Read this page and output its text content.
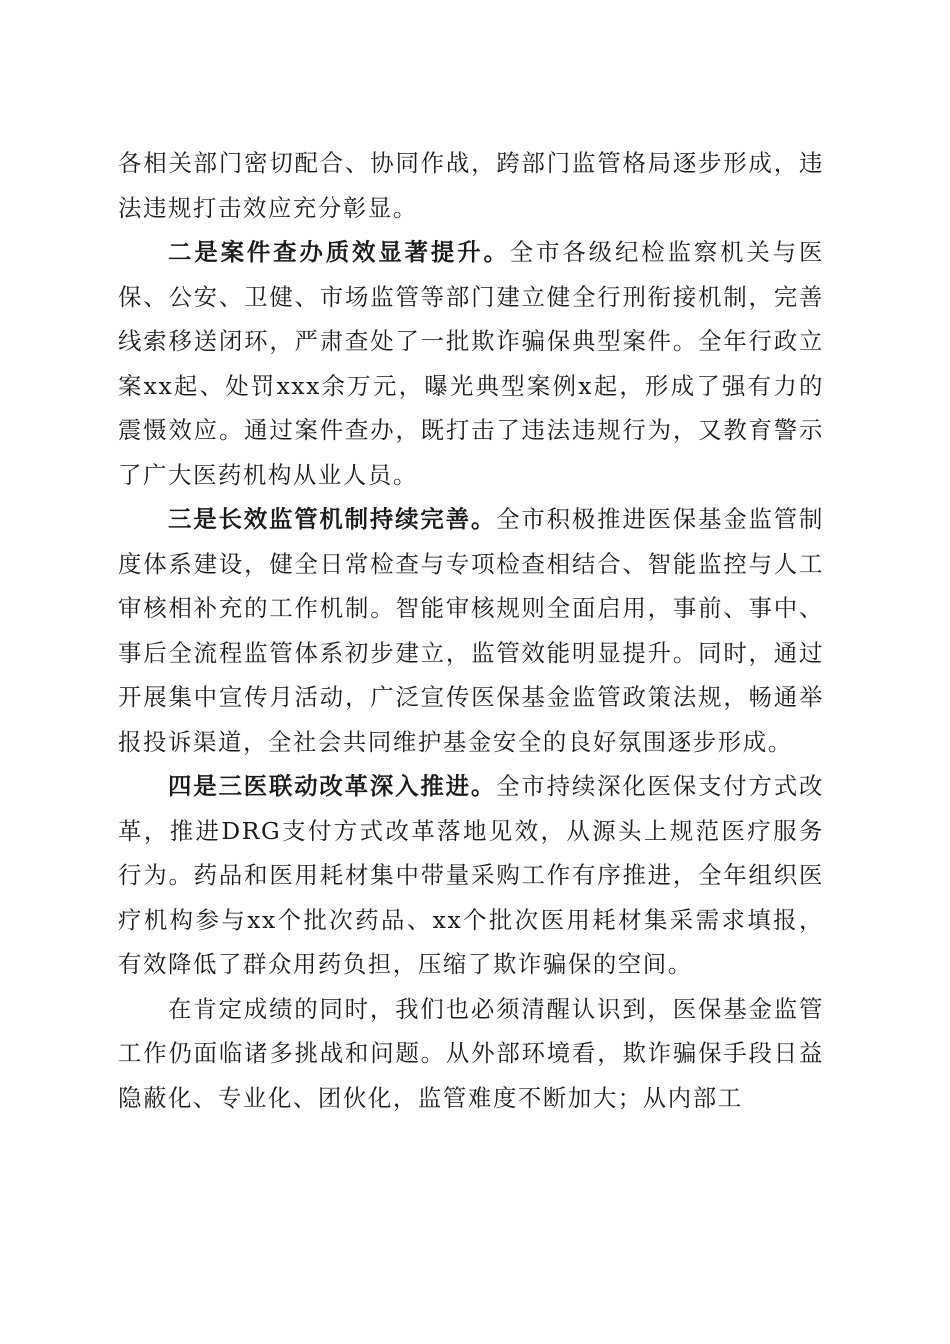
各相关部门密切配合、协同作战，跨部门监管格局逐步形成，违法违规打击效应充分彰显。

二是案件查办质效显著提升。全市各级纪检监察机关与医保、公安、卫健、市场监管等部门建立健全行刑衔接机制，完善线索移送闭环，严肃查处了一批欺诈骗保典型案件。全年行政立案xx起、处罚xxx余万元，曝光典型案例x起，形成了强有力的震慑效应。通过案件查办，既打击了违法违规行为，又教育警示了广大医药机构从业人员。

三是长效监管机制持续完善。全市积极推进医保基金监管制度体系建设，健全日常检查与专项检查相结合、智能监控与人工审核相补充的工作机制。智能审核规则全面启用，事前、事中、事后全流程监管体系初步建立，监管效能明显提升。同时，通过开展集中宣传月活动，广泛宣传医保基金监管政策法规，畅通举报投诉渠道，全社会共同维护基金安全的良好氛围逐步形成。

四是三医联动改革深入推进。全市持续深化医保支付方式改革，推进DRG支付方式改革落地见效，从源头上规范医疗服务行为。药品和医用耗材集中带量采购工作有序推进，全年组织医疗机构参与xx个批次药品、xx个批次医用耗材集采需求填报，有效降低了群众用药负担，压缩了欺诈骗保的空间。

在肯定成绩的同时，我们也必须清醒认识到，医保基金监管工作仍面临诸多挑战和问题。从外部环境看，欺诈骗保手段日益隐蔽化、专业化、团伙化，监管难度不断加大；从内部工
